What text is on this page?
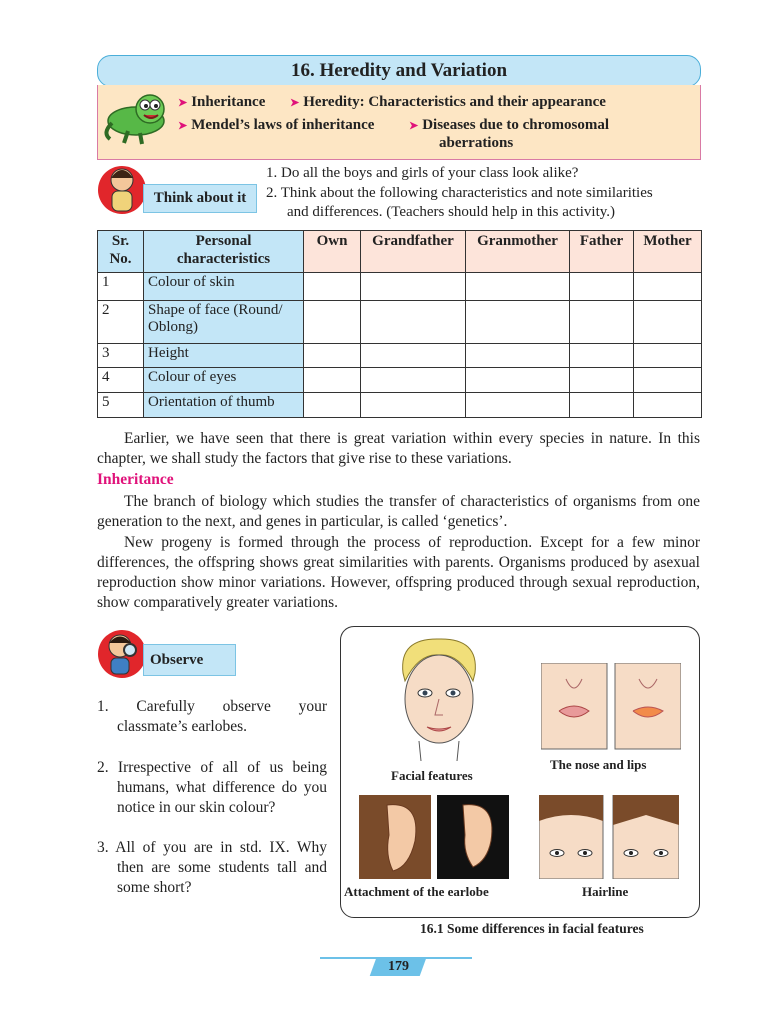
16. Heredity and Variation
➤ Inheritance ➤ Heredity: Characteristics and their appearance
➤ Mendel’s laws of inheritance	➤ Diseases due to chromosomal
aberrations
Think about it
1. Do all the boys and girls of your class look alike?
2. Think about the following characteristics and note similarities
and differences. (Teachers should help in this activity.)
Sr. No.	Personal characteristics	Own	Grandfather	Granmother	Father	Mother
1	Colour of skin					
2	Shape of face (Round/ Oblong)					
3	Height					
4	Colour of eyes					
5	Orientation of thumb					
Earlier, we have seen that there is great variation within every species in nature. In this chapter, we shall study the factors that give rise to these variations.
Inheritance
The branch of biology which studies the transfer of characteristics of organisms from one generation to the next, and genes in particular, is called ‘genetics’.
New progeny is formed through the process of reproduction. Except for a few minor differences, the offspring shows great similarities with parents. Organisms produced by asexual reproduction show minor variations. However, offspring produced through sexual reproduction, show comparatively greater variations.
Observe
1. Carefully observe your classmate’s earlobes.
2. Irrespective of all of us being humans, what difference do you notice in our skin colour?
3. All of you are in std. IX. Why then are some students tall and some short?
Facial features
The nose and lips
Attachment of the earlobe	Hairline
16.1 Some differences in facial features
179
